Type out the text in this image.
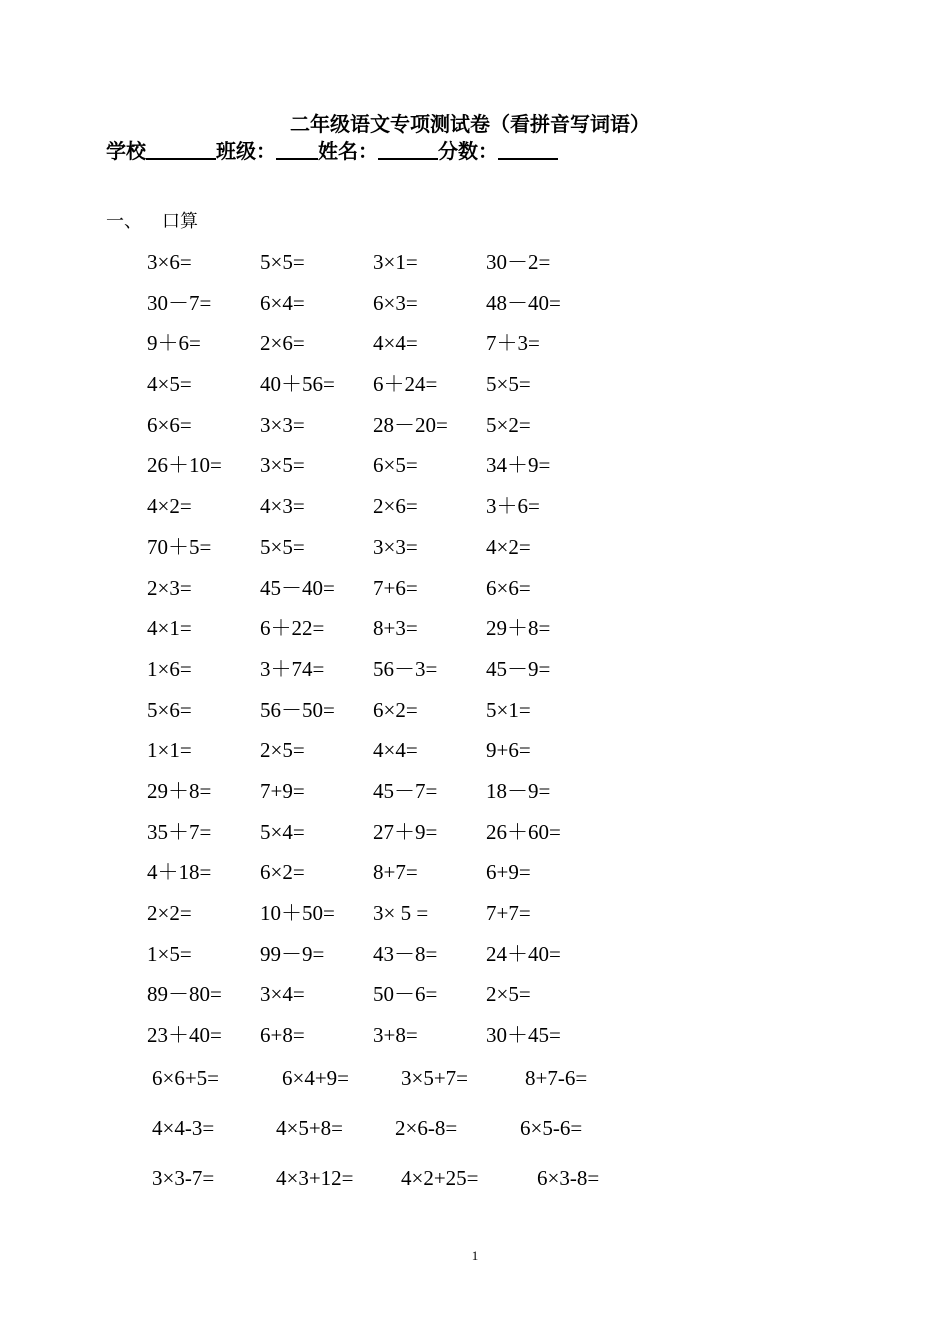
二年级语文专项测试卷（看拼音写词语）
学校	班级： 姓名：	分数：
一、 口算
3×6=	5×5=	3×1=	30－2=
30－7=	6×4=	6×3=	48－40=
9＋6=	2×6=	4×4=	7＋3=
4×5=	40＋56=	6＋24=	5×5=
6×6=	3×3=	28－20=	5×2=
26＋10=	3×5=	6×5=	34＋9=
4×2=	4×3=	2×6=	3＋6=
70＋5=	5×5=	3×3=	4×2=
2×3=	45－40=	7+6=	6×6=
4×1=	6＋22=	8+3=	29＋8=
1×6=	3＋74=	56－3=	45－9=
5×6=	56－50=	6×2=	5×1=
1×1=	2×5=	4×4=	9+6=
29＋8=	7+9=	45－7=	18－9=
35＋7=	5×4=	27＋9=	26＋60=
4＋18=	6×2=	8+7=	6+9=
2×2=	10＋50=	3× 5 =	7+7=
1×5=	99－9=	43－8=	24＋40=
89－80=	3×4=	50－6=	2×5=
23＋40=	6+8=	3+8=	30＋45=
6×6+5=	6×4+9= 3×5+7=	8+7-6=
4×4-3=	4×5+8= 2×6-8=	6×5-6=
3×3-7=	4×3+12= 4×2+25=	6×3-8=
1
